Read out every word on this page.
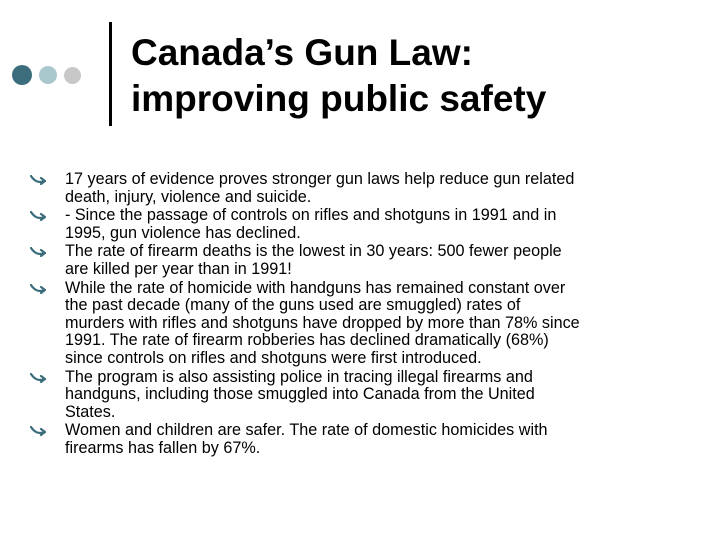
Canada’s Gun Law:
improving public safety
17 years of evidence proves stronger gun laws help reduce gun related
death, injury, violence and suicide.
- Since the passage of controls on rifles and shotguns in 1991 and in
1995, gun violence has declined.
The rate of firearm deaths is the lowest in 30 years: 500 fewer people
are killed per year than in 1991!
While the rate of homicide with handguns has remained constant over
the past decade (many of the guns used are smuggled) rates of
murders with rifles and shotguns have dropped by more than 78% since
1991. The rate of firearm robberies has declined dramatically (68%)
since controls on rifles and shotguns were first introduced.
The program is also assisting police in tracing illegal firearms and
handguns, including those smuggled into Canada from the United
States.
Women and children are safer. The rate of domestic homicides with
firearms has fallen by 67%.
